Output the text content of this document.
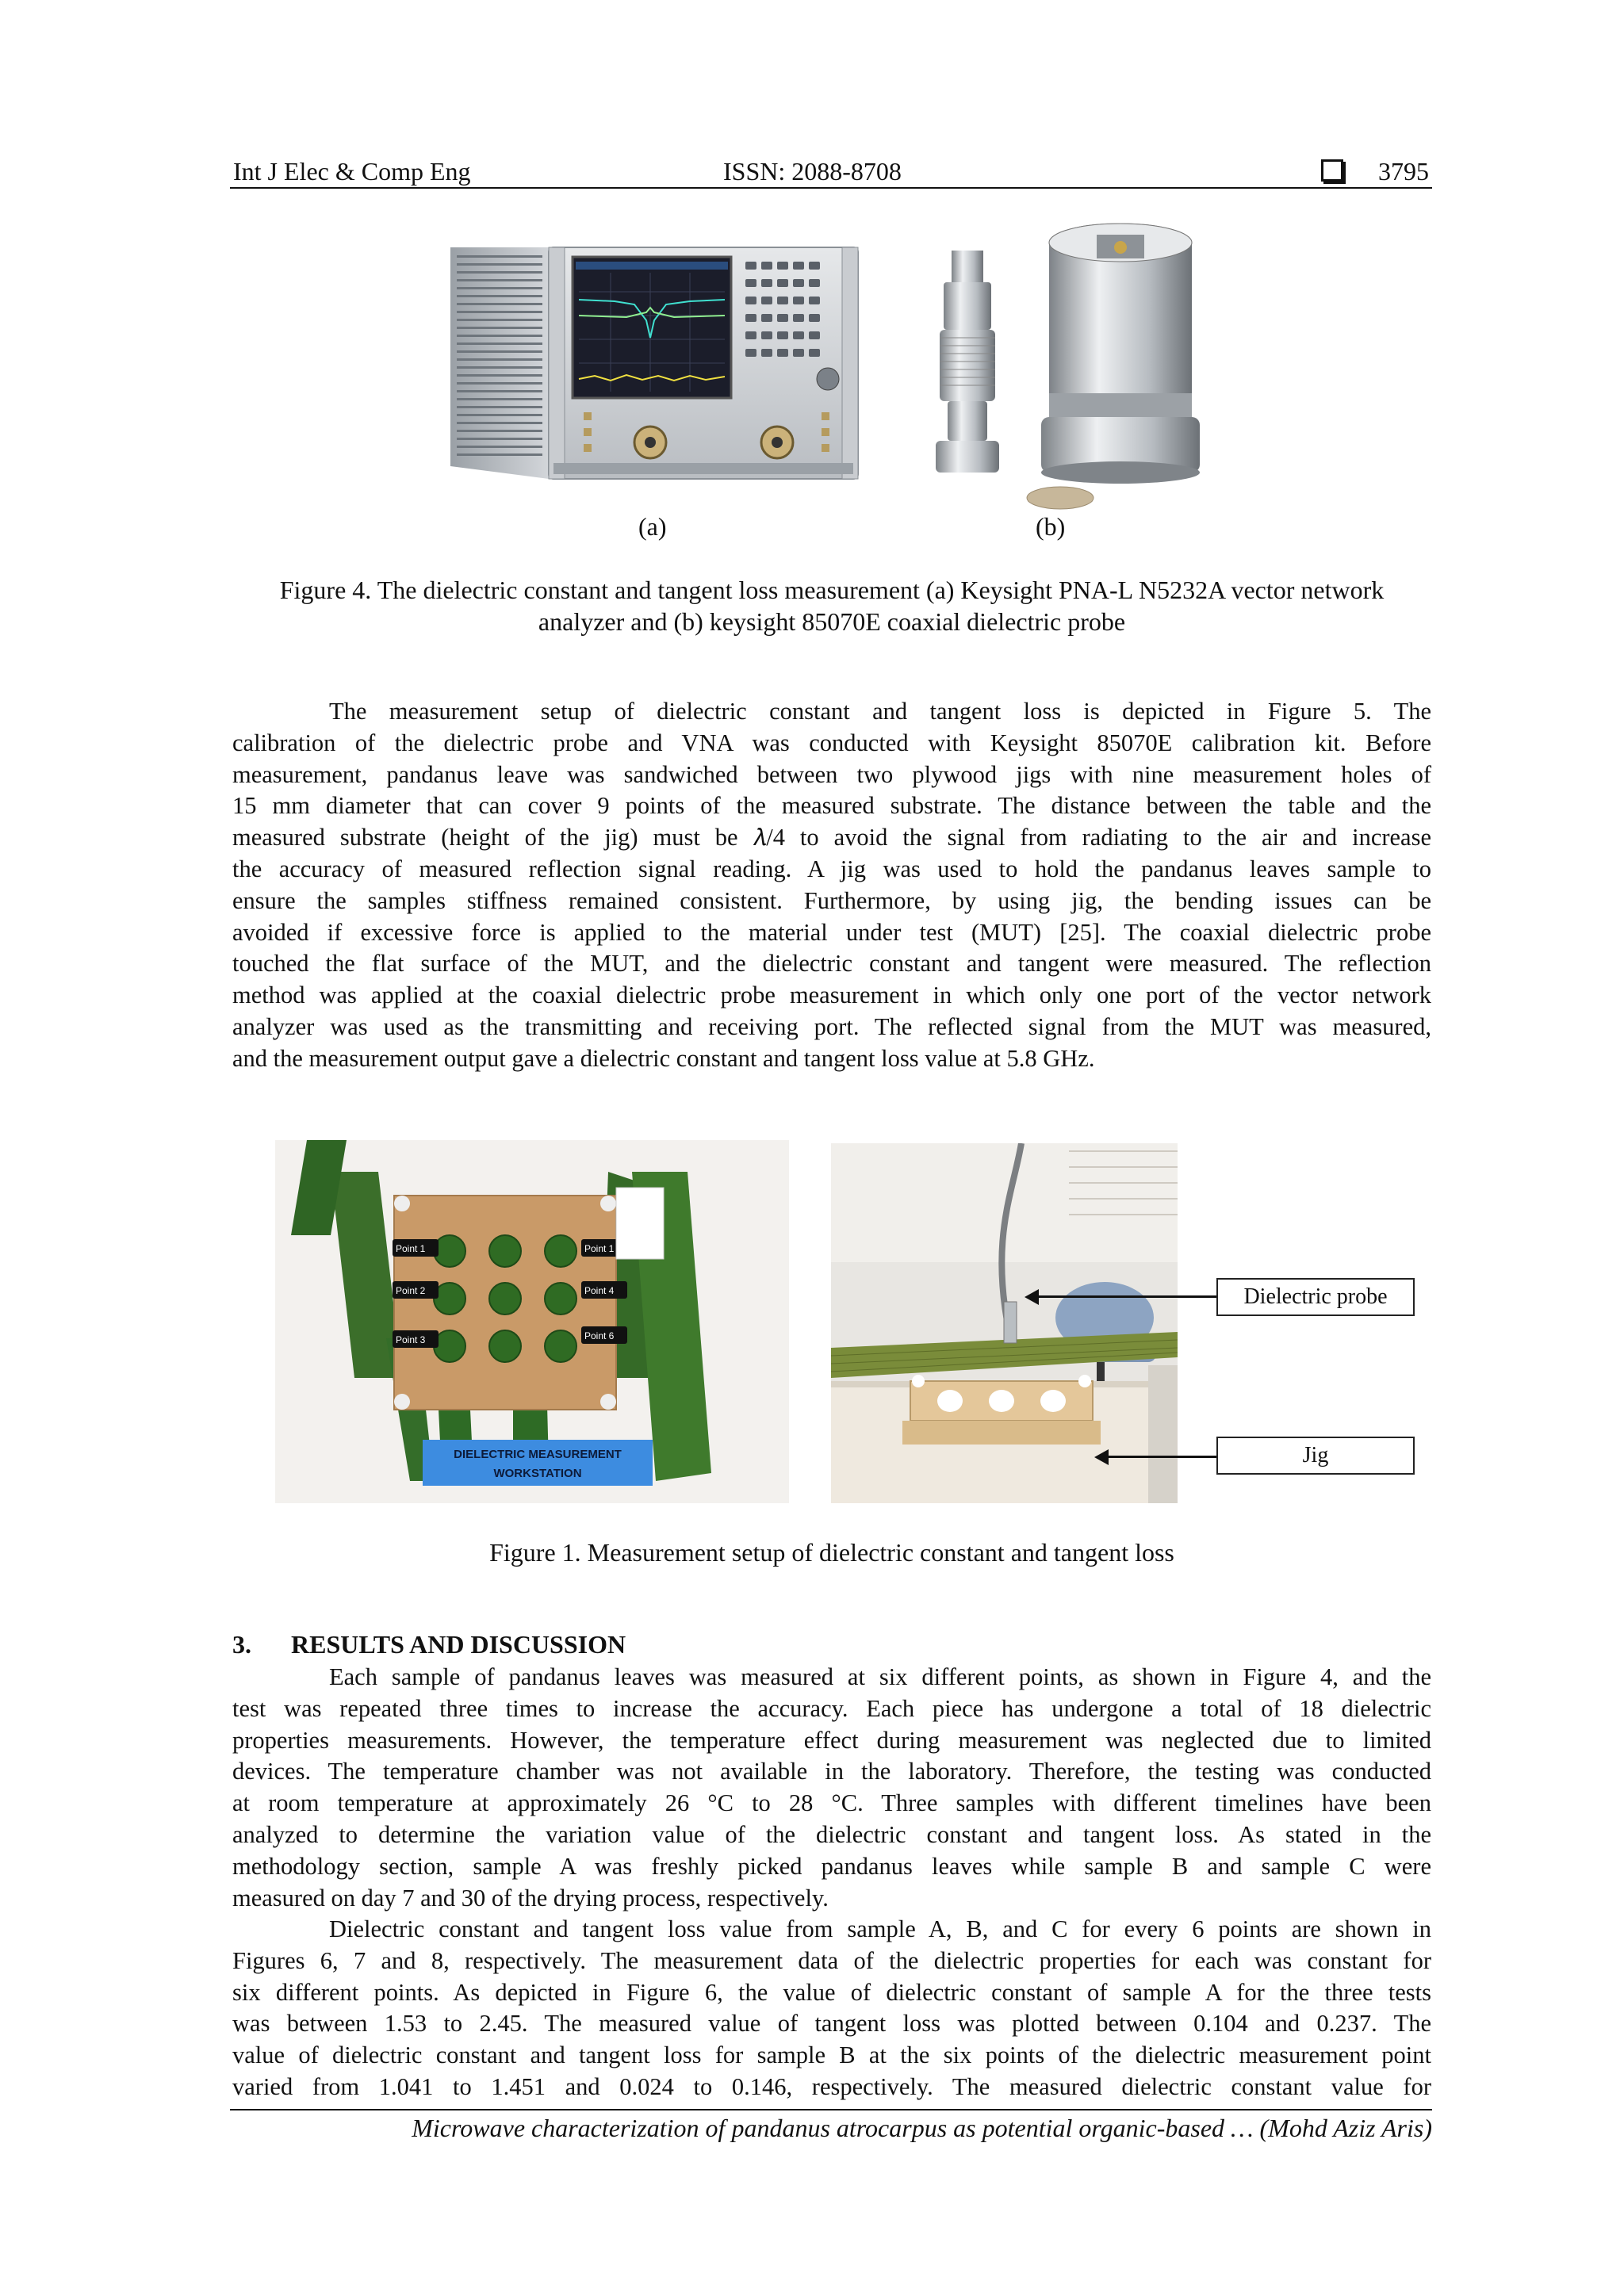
Int J Elec & Comp Eng	ISSN: 2088-8708	3795
(a)	(b)
Figure 4. The dielectric constant and tangent loss measurement (a) Keysight PNA-L N5232A vector network
analyzer and (b) keysight 85070E coaxial dielectric probe
The measurement setup of dielectric constant and tangent loss is depicted in Figure 5. The
calibration of the dielectric probe and VNA was conducted with Keysight 85070E calibration kit. Before
measurement, pandanus leave was sandwiched between two plywood jigs with nine measurement holes of
15 mm diameter that can cover 9 points of the measured substrate. The distance between the table and the
measured substrate (height of the jig) must be 𝜆/4 to avoid the signal from radiating to the air and increase
the accuracy of measured reflection signal reading. A jig was used to hold the pandanus leaves sample to
ensure the samples stiffness remained consistent. Furthermore, by using jig, the bending issues can be
avoided if excessive force is applied to the material under test (MUT) [25]. The coaxial dielectric probe
touched the flat surface of the MUT, and the dielectric constant and tangent were measured. The reflection
method was applied at the coaxial dielectric probe measurement in which only one port of the vector network
analyzer was used as the transmitting and receiving port. The reflected signal from the MUT was measured,
and the measurement output gave a dielectric constant and tangent loss value at 5.8 GHz.
Point 1
Point 2
Point 3
Point 1
Point 4
Point 6
DIELECTRIC MEASUREMENT
WORKSTATION
Dielectric probe
Jig
Figure 1. Measurement setup of dielectric constant and tangent loss
3. RESULTS AND DISCUSSION
Each sample of pandanus leaves was measured at six different points, as shown in Figure 4, and the
test was repeated three times to increase the accuracy. Each piece has undergone a total of 18 dielectric
properties measurements. However, the temperature effect during measurement was neglected due to limited
devices. The temperature chamber was not available in the laboratory. Therefore, the testing was conducted
at room temperature at approximately 26 °C to 28 °C. Three samples with different timelines have been
analyzed to determine the variation value of the dielectric constant and tangent loss. As stated in the
methodology section, sample A was freshly picked pandanus leaves while sample B and sample C were
measured on day 7 and 30 of the drying process, respectively.
Dielectric constant and tangent loss value from sample A, B, and C for every 6 points are shown in
Figures 6, 7 and 8, respectively. The measurement data of the dielectric properties for each was constant for
six different points. As depicted in Figure 6, the value of dielectric constant of sample A for the three tests
was between 1.53 to 2.45. The measured value of tangent loss was plotted between 0.104 and 0.237. The
value of dielectric constant and tangent loss for sample B at the six points of the dielectric measurement point
varied from 1.041 to 1.451 and 0.024 to 0.146, respectively. The measured dielectric constant value for
Microwave characterization of pandanus atrocarpus as potential organic-based … (Mohd Aziz Aris)
